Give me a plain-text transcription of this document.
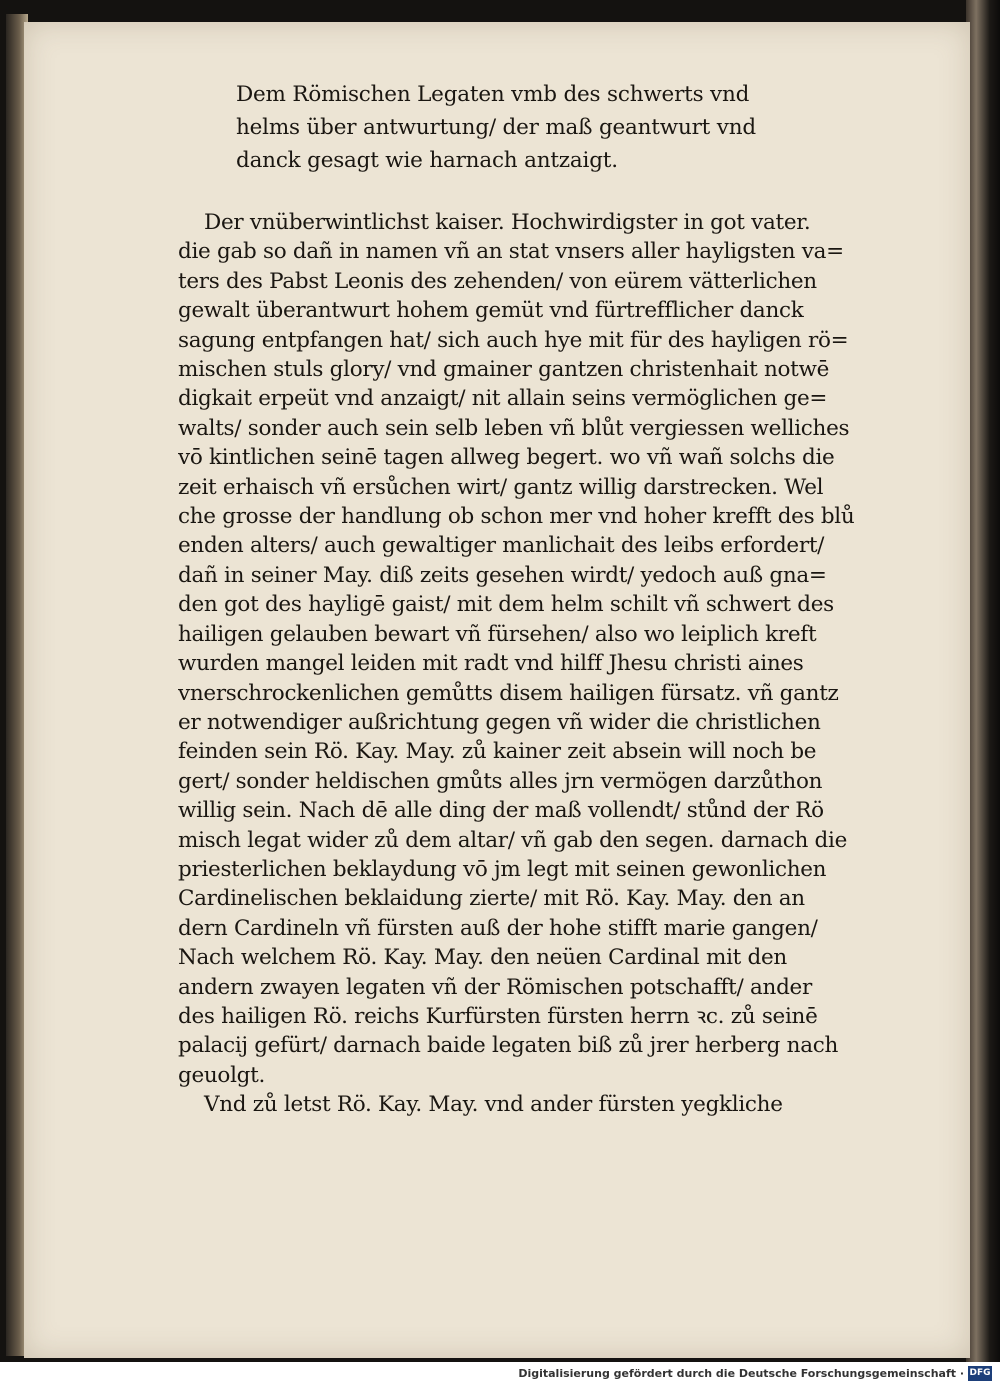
Dem Römischen Legaten vmb des schwerts vnd
helms über antwurtung/ der maß geantwurt vnd
danck gesagt wie harnach antzaigt.
Der vnüberwintlichst kaiser. Hochwirdigster in got vater.
die gab so dañ in namen vñ an stat vnsers aller hayligsten va=
ters des Pabst Leonis des zehenden/ von eürem vätterlichen
gewalt überantwurt hohem gemüt vnd fürtrefflicher danck
sagung entpfangen hat/ sich auch hye mit für des hayligen rö=
mischen stuls glory/ vnd gmainer gantzen christenhait notwē
digkait erpeüt vnd anzaigt/ nit allain seins vermöglichen ge=
walts/ sonder auch sein selb leben vñ blůt vergiessen welliches
vō kintlichen seinē tagen allweg begert. wo vñ wañ solchs die
zeit erhaisch vñ ersůchen wirt/ gantz willig darstrecken. Wel
che grosse der handlung ob schon mer vnd hoher krefft des blů
enden alters/ auch gewaltiger manlichait des leibs erfordert/
dañ in seiner May. diß zeits gesehen wirdt/ yedoch auß gna=
den got des hayligē gaist/ mit dem helm schilt vñ schwert des
hailigen gelauben bewart vñ fürsehen/ also wo leiplich kreft
wurden mangel leiden mit radt vnd hilff Jhesu christi aines
vnerschrockenlichen gemůtts disem hailigen fürsatz. vñ gantz
er notwendiger außrichtung gegen vñ wider die christlichen
feinden sein Rö. Kay. May. zů kainer zeit absein will noch be
gert/ sonder heldischen gmůts alles jrn vermögen darzůthon
willig sein. Nach dē alle ding der maß vollendt/ stůnd der Rö
misch legat wider zů dem altar/ vñ gab den segen. darnach die
priesterlichen beklaydung vō jm legt mit seinen gewonlichen
Cardinelischen beklaidung zierte/ mit Rö. Kay. May. den an
dern Cardineln vñ fürsten auß der hohe stifft marie gangen/
Nach welchem Rö. Kay. May. den neüen Cardinal mit den
andern zwayen legaten vñ der Römischen potschafft/ ander
des hailigen Rö. reichs Kurfürsten fürsten herrn ꝛc. zů seinē
palacij gefürt/ darnach baide legaten biß zů jrer herberg nach
geuolgt.
Vnd zů letst Rö. Kay. May. vnd ander fürsten yegkliche
Digitalisierung gefördert durch die Deutsche Forschungsgemeinschaft · DFG
